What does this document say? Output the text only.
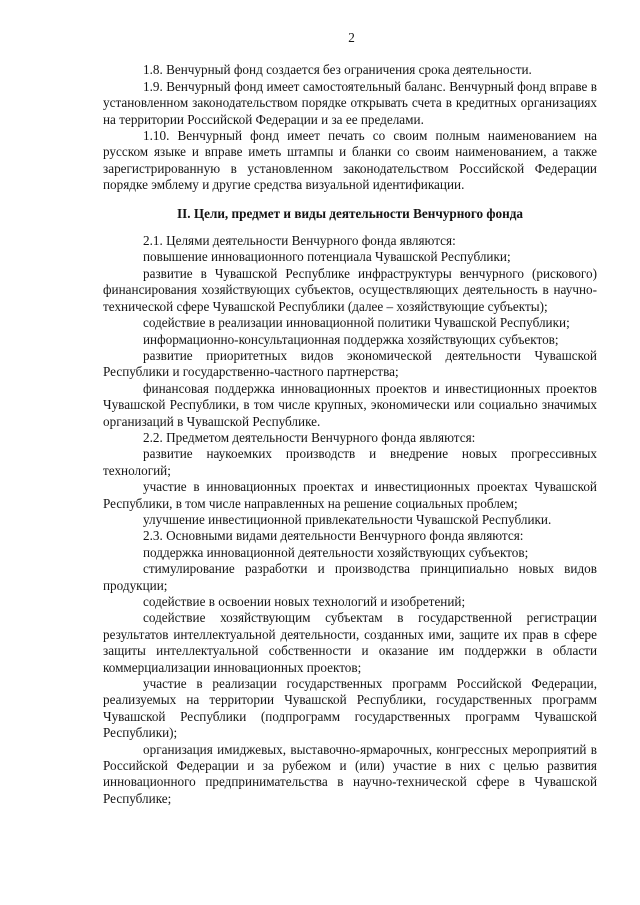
2

1.8. Венчурный фонд создается без ограничения срока деятельности.

1.9. Венчурный фонд имеет самостоятельный баланс. Венчурный фонд вправе в установленном законодательством порядке открывать счета в кредитных организациях на территории Российской Федерации и за ее пределами.

1.10. Венчурный фонд имеет печать со своим полным наименованием на русском языке и вправе иметь штампы и бланки со своим наименованием, а также зарегистрированную в установленном законодательством Российской Федерации порядке эмблему и другие средства визуальной идентификации.

II. Цели, предмет и виды деятельности Венчурного фонда

2.1. Целями деятельности Венчурного фонда являются:

повышение инновационного потенциала Чувашской Республики;

развитие в Чувашской Республике инфраструктуры венчурного (рискового) финансирования хозяйствующих субъектов, осуществляющих деятельность в научно-технической сфере Чувашской Республики (далее – хозяйствующие субъекты);

содействие в реализации инновационной политики Чувашской Республики;

информационно-консультационная поддержка хозяйствующих субъектов;

развитие приоритетных видов экономической деятельности Чувашской Республики и государственно-частного партнерства;

финансовая поддержка инновационных проектов и инвестиционных проектов Чувашской Республики, в том числе крупных, экономически или социально значимых организаций в Чувашской Республике.

2.2. Предметом деятельности Венчурного фонда являются:

развитие наукоемких производств и внедрение новых прогрессивных технологий;

участие в инновационных проектах и инвестиционных проектах Чувашской Республики, в том числе направленных на решение социальных проблем;

улучшение инвестиционной привлекательности Чувашской Республики.

2.3. Основными видами деятельности Венчурного фонда являются:

поддержка инновационной деятельности хозяйствующих субъектов;

стимулирование разработки и производства принципиально новых видов продукции;

содействие в освоении новых технологий и изобретений;

содействие хозяйствующим субъектам в государственной регистрации результатов интеллектуальной деятельности, созданных ими, защите их прав в сфере защиты интеллектуальной собственности и оказание им поддержки в области коммерциализации инновационных проектов;

участие в реализации государственных программ Российской Федерации, реализуемых на территории Чувашской Республики, государственных программ Чувашской Республики (подпрограмм государственных программ Чувашской Республики);

организация имиджевых, выставочно-ярмарочных, конгрессных мероприятий в Российской Федерации и за рубежом и (или) участие в них с целью развития инновационного предпринимательства в научно-технической сфере в Чувашской Республике;
